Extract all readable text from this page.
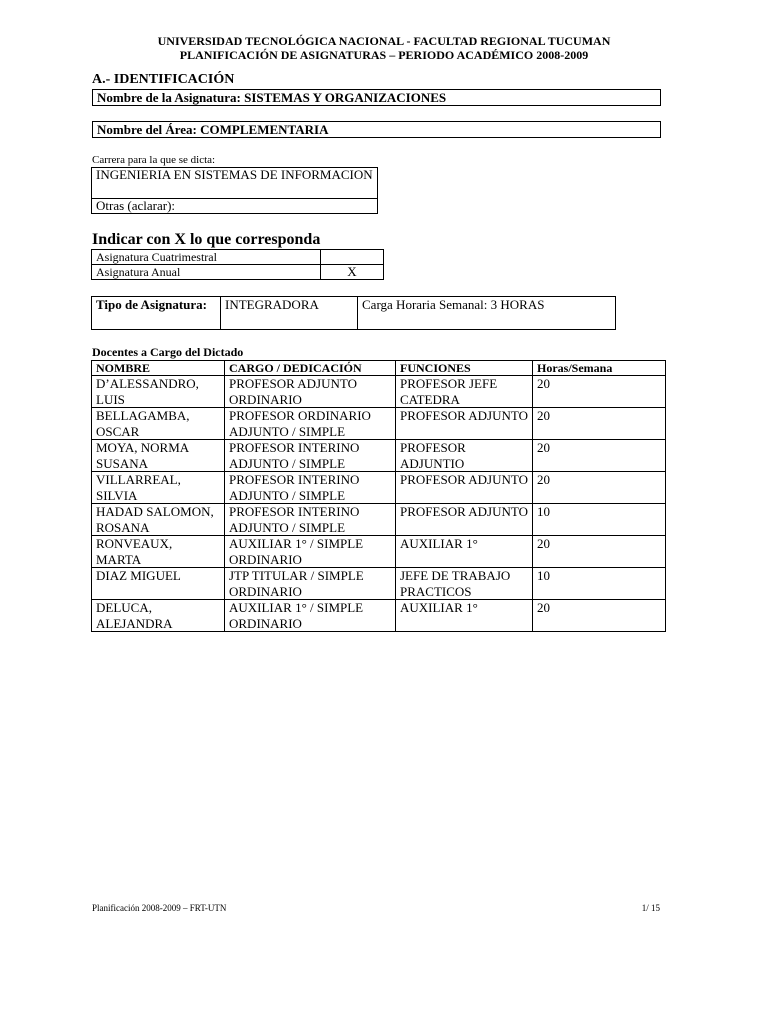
UNIVERSIDAD TECNOLÓGICA NACIONAL - FACULTAD REGIONAL TUCUMAN
PLANIFICACIÓN DE ASIGNATURAS – PERIODO ACADÉMICO 2008-2009
A.- IDENTIFICACIÓN
Nombre de la Asignatura: SISTEMAS Y ORGANIZACIONES
Nombre del Área: COMPLEMENTARIA
Carrera para la que se dicta:
INGENIERIA EN SISTEMAS DE INFORMACION
Otras (aclarar):
Indicar con X lo que corresponda
Asignatura Cuatrimestral	
Asignatura Anual	X
Tipo de Asignatura:	INTEGRADORA	Carga Horaria Semanal: 3 HORAS
Docentes a Cargo del Dictado
NOMBRE	CARGO / DEDICACIÓN	FUNCIONES	Horas/Semana
D’ALESSANDRO, LUIS	PROFESOR ADJUNTO ORDINARIO	PROFESOR JEFE CATEDRA	20
BELLAGAMBA, OSCAR	PROFESOR ORDINARIO ADJUNTO / SIMPLE	PROFESOR ADJUNTO	20
MOYA, NORMA SUSANA	PROFESOR INTERINO ADJUNTO / SIMPLE	PROFESOR ADJUNTIO	20
VILLARREAL, SILVIA	PROFESOR INTERINO ADJUNTO / SIMPLE	PROFESOR ADJUNTO	20
HADAD SALOMON, ROSANA	PROFESOR INTERINO ADJUNTO / SIMPLE	PROFESOR ADJUNTO	10
RONVEAUX, MARTA	AUXILIAR 1° / SIMPLE ORDINARIO	AUXILIAR 1°	20
DIAZ MIGUEL	JTP TITULAR / SIMPLE ORDINARIO	JEFE DE TRABAJO PRACTICOS	10
DELUCA, ALEJANDRA	AUXILIAR 1° / SIMPLE ORDINARIO	AUXILIAR 1°	20
Planificación 2008-2009 – FRT-UTN	1/ 15
